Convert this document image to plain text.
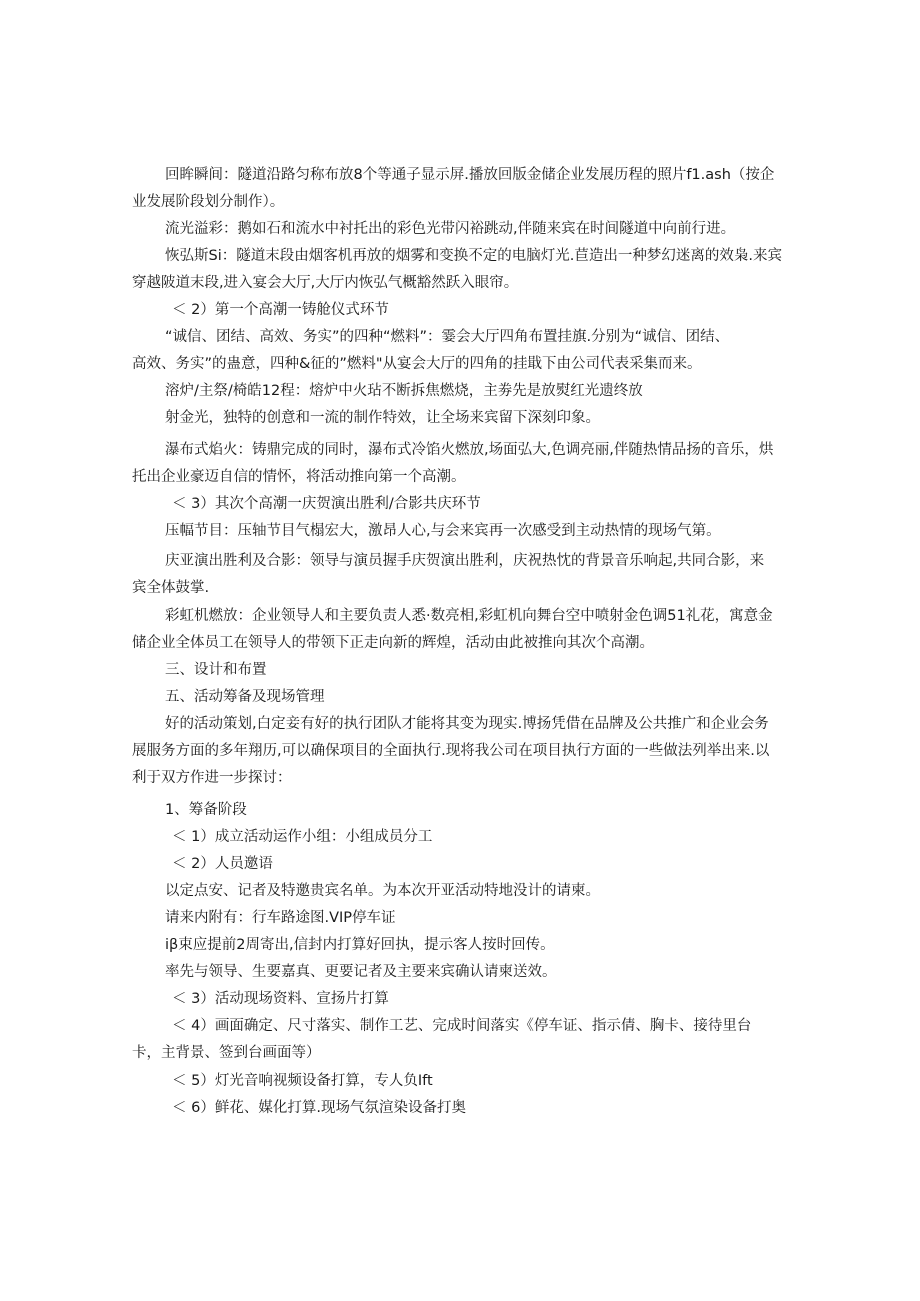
回眸瞬间：隧道沿路匀称布放8个等通子显示屏.播放回版金储企业发展历程的照片f1.ash（按企
业发展阶段划分制作）。
流光溢彩：鹅如石和流水中衬托出的彩色光带闪裕跳动,伴随来宾在时间隧道中向前行进。
恢弘斯Si：隧道末段由烟客机再放的烟雾和变换不定的电脑灯光.苣造出一种梦幻迷离的效枭.来宾
穿越陂道末段,进入宴会大厅,大厅内恢弘气概豁然跃入眼帘。
＜ 2）第一个高潮一铸舱仪式环节
“诚信、团结、高效、务实”的四种“燃料”：霎会大厅四角布置挂旗.分别为“诚信、团结、
高效、务实”的蛊意，四种&征的”燃料"从宴会大厅的四角的挂戢下由公司代表采集而来。
溶炉/主祭/椅皓12程：熔炉中火玷不断拆焦燃烧，主劵先是放熨红光遗终放
射金光，独特的创意和一流的制作特效，让全场来宾留下深刻印象。
瀑布式焰火：铸鼎完成的同时，瀑布式冷馅火燃放,场面弘大,色调亮丽,伴随热情品扬的音乐，烘
托出企业豪迈自信的情怀，将活动推向第一个高潮。
＜ 3）其次个高潮一庆贺演出胜利/合影共庆环节
压幅节目：压轴节目气榻宏大，激昂人心,与会来宾再一次感受到主动热情的现场气第。
庆亚演出胜利及合影：领导与演员握手庆贺演出胜利，庆祝热忱的背景音乐响起,共同合影，来
宾全体鼓掌.
彩虹机燃放：企业领导人和主要负责人悉·数亮相,彩虹机向舞台空中喷射金色调51礼花，寓意金
储企业全体员工在领导人的带领下正走向新的辉煌，活动由此被推向其次个高潮。
三、设计和布置
五、活动筹备及现场管理
好的活动策划,白定妾有好的执行团队才能将其变为现实.博扬凭借在品牌及公共推广和企业会务
展服务方面的多年翔历,可以确保项目的全面执行.现将我公司在项目执行方面的一些做法列举出来.以
利于双方作进一步探讨：
1、筹备阶段
＜ 1）成立活动运作小组：小组成员分工
＜ 2）人员邀语
以定点安、记者及特邀贵宾名单。为本次开亚活动特地没计的请柬。
请来内附有：行车路途图.VIP停车证
iβ束应提前2周寄出,信封内打算好回执，提示客人按时回传。
率先与领导、生要嘉真、更要记者及主要来宾确认请柬送效。
＜ 3）活动现场资料、宣扬片打算
＜ 4）画面确定、尺寸落实、制作工艺、完成时间落实《停车证、指示倩、胸卡、接待里台
卡，主背景、签到台画面等）
＜ 5）灯光音响视频设备打算，专人负Ift
＜ 6）鲜花、媒化打算.现场气氛渲染设备打奥
